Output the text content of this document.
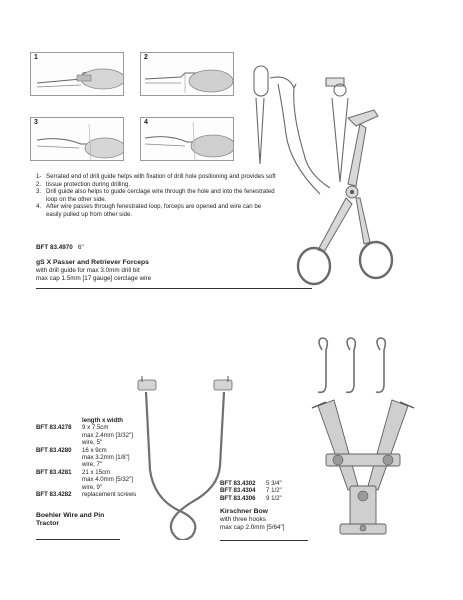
1	2
3	4
1-2.
Serrated end of drill guide helps with fixation of drill hole positioning and provides soft tissue protection during drilling.
3. Drill guide also helps to guide cerclage wire through the hole and into the fenestrated loop on the other side.
4. After wire passes through fenestrated loop, forceps are opened and wire can be easily pulled up from other side.
BFT 83.4970 6"
gS X Passer and Retriever Forceps
with drill guide for max 3.0mm drill bit
max cap 1.5mm [17 gauge] cerclage wire
	length x width
BFT 83.4278	9 x 7.5cm
max 2.4mm [3/32"]
wire, 5"

BFT 83.4280	16 x 9cm
max 3.2mm [1/8"]
wire, 7"

BFT 83.4281	21 x 15cm
max 4.0mm [5/32"]
wire, 9"

BFT 83.4282	replacement screws
Boehler Wire and Pin
Tractor
BFT 83.4302	5 3/4"
BFT 83.4304	7 1/2"
BFT 83.4306	9 1/2"
Kirschner Bow
with three hooks
max cap 2.0mm [5/64"]
